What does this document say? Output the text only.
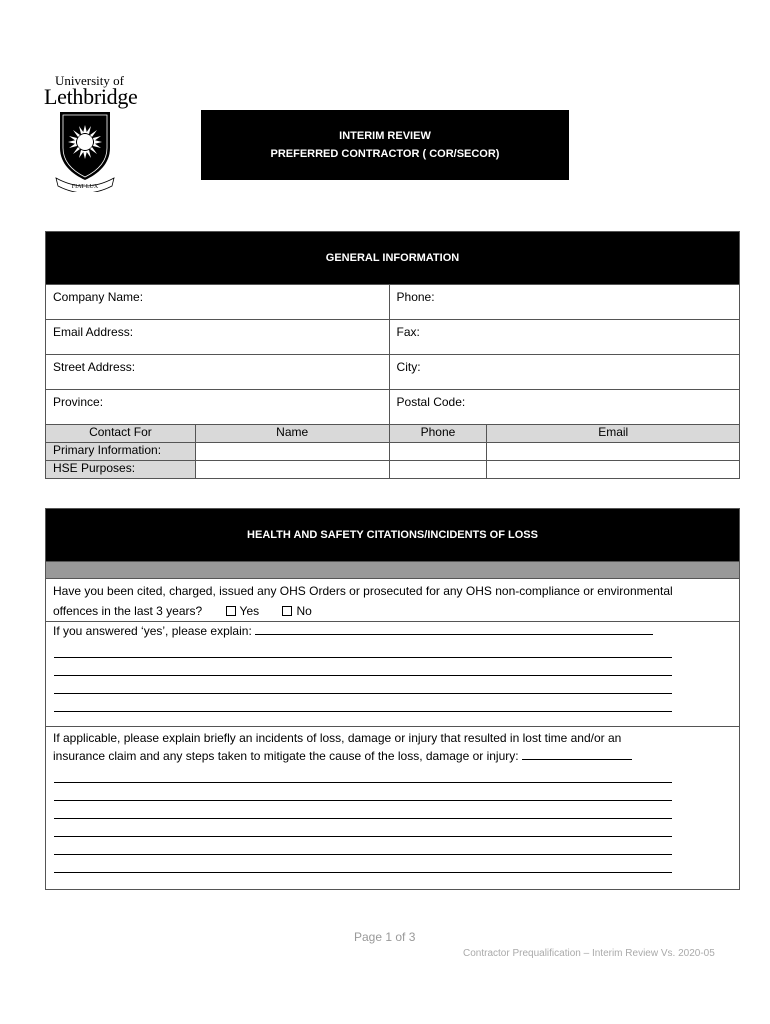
University of
Lethbridge
FIAT LUX
INTERIM REVIEW
PREFERRED CONTRACTOR ( COR/SECOR)
GENERAL INFORMATION			

Company Name:		Phone:	

Email Address:		Fax:	

Street Address:		City:	

Province:		Postal Code:	

Contact For	Name	Phone	Email
Primary Information:			
HSE Purposes:			
HEALTH AND SAFETY CITATIONS/INCIDENTS OF LOSS

Have you been cited, charged, issued any OHS Orders or prosecuted for any OHS non-compliance or environmental
offences in the last 3 years?	Yes	No

If you answered ‘yes’, please explain:

If applicable, please explain briefly an incidents of loss, damage or injury that resulted in lost time and/or an
insurance claim and any steps taken to mitigate the cause of the loss, damage or injury:
Page 1 of 3
Contractor Prequalification – Interim Review Vs. 2020-05
